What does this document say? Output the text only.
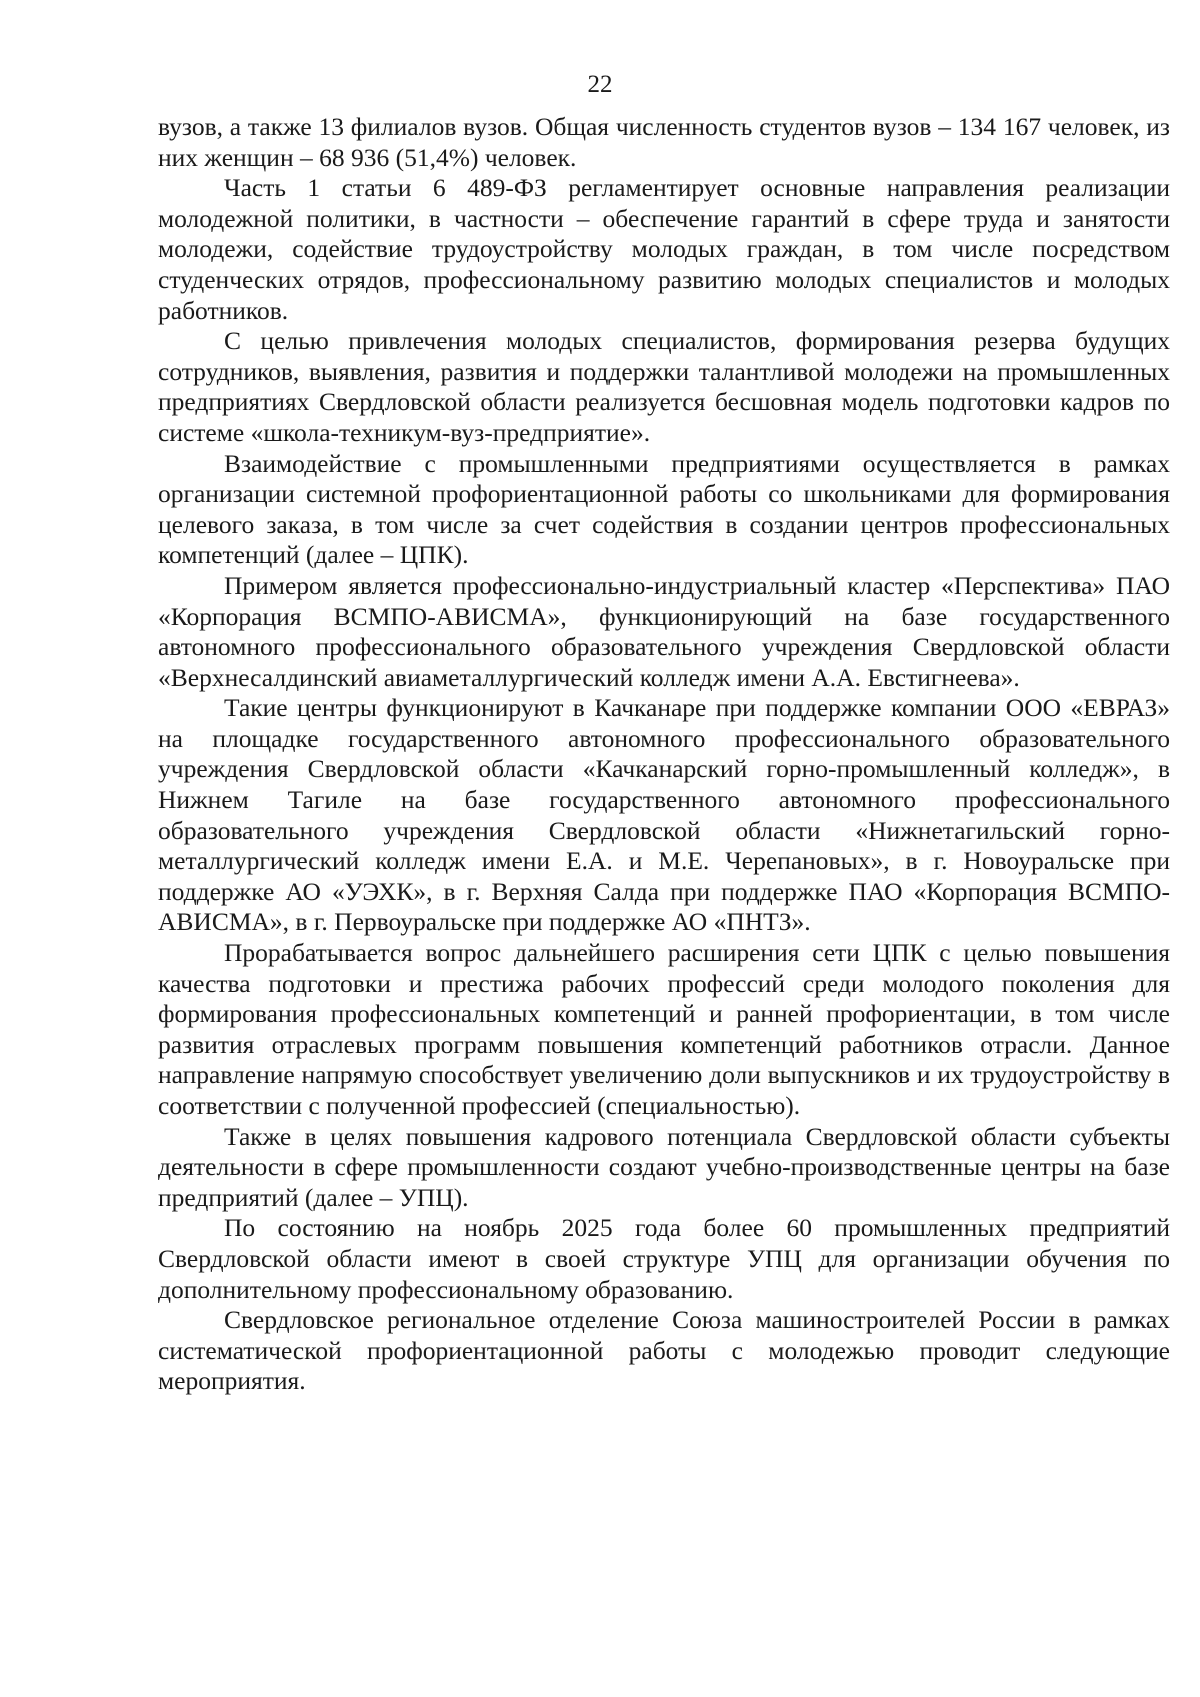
22

вузов, а также 13 филиалов вузов. Общая численность студентов вузов – 134 167 человек, из них женщин – 68 936 (51,4%) человек.

Часть 1 статьи 6 489-ФЗ регламентирует основные направления реализации молодежной политики, в частности – обеспечение гарантий в сфере труда и занятости молодежи, содействие трудоустройству молодых граждан, в том числе посредством студенческих отрядов, профессиональному развитию молодых специалистов и молодых работников.

С целью привлечения молодых специалистов, формирования резерва будущих сотрудников, выявления, развития и поддержки талантливой молодежи на промышленных предприятиях Свердловской области реализуется бесшовная модель подготовки кадров по системе «школа-техникум-вуз-предприятие».

Взаимодействие с промышленными предприятиями осуществляется в рамках организации системной профориентационной работы со школьниками для формирования целевого заказа, в том числе за счет содействия в создании центров профессиональных компетенций (далее – ЦПК).

Примером является профессионально-индустриальный кластер «Перспектива» ПАО «Корпорация ВСМПО-АВИСМА», функционирующий на базе государственного автономного профессионального образовательного учреждения Свердловской области «Верхнесалдинский авиаметаллургический колледж имени А.А. Евстигнеева».

Такие центры функционируют в Качканаре при поддержке компании ООО «ЕВРАЗ» на площадке государственного автономного профессионального образовательного учреждения Свердловской области «Качканарский горно-промышленный колледж», в Нижнем Тагиле на базе государственного автономного профессионального образовательного учреждения Свердловской области «Нижнетагильский горно-металлургический колледж имени Е.А. и М.Е. Черепановых», в г. Новоуральске при поддержке АО «УЭХК», в г. Верхняя Салда при поддержке ПАО «Корпорация ВСМПО-АВИСМА», в г. Первоуральске при поддержке АО «ПНТЗ».

Прорабатывается вопрос дальнейшего расширения сети ЦПК с целью повышения качества подготовки и престижа рабочих профессий среди молодого поколения для формирования профессиональных компетенций и ранней профориентации, в том числе развития отраслевых программ повышения компетенций работников отрасли. Данное направление напрямую способствует увеличению доли выпускников и их трудоустройству в соответствии с полученной профессией (специальностью).

Также в целях повышения кадрового потенциала Свердловской области субъекты деятельности в сфере промышленности создают учебно-производственные центры на базе предприятий (далее – УПЦ).

По состоянию на ноябрь 2025 года более 60 промышленных предприятий Свердловской области имеют в своей структуре УПЦ для организации обучения по дополнительному профессиональному образованию.

Свердловское региональное отделение Союза машиностроителей России в рамках систематической профориентационной работы с молодежью проводит следующие мероприятия.
